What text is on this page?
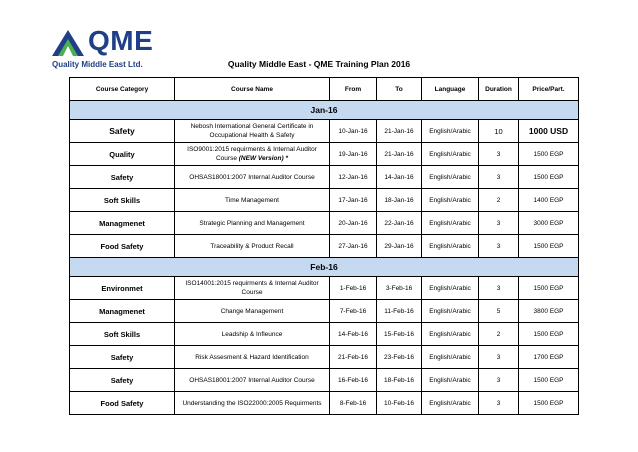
QME
Quality Middle East Ltd.	Quality Middle East - QME Training Plan 2016
Course Category	Course Name	From	To	Language	Duration	Price/Part.
Jan-16						
Safety	Nebosh International General Certificate in Occupational Health & Safety	10-Jan-16	21-Jan-16	English/Arabic	10	1000 USD
Quality	ISO9001:2015 requirments & Internal Auditor Course (NEW Version) *	19-Jan-16	21-Jan-16	English/Arabic	3	1500 EGP
Safety	OHSAS18001:2007 Internal Auditor Course	12-Jan-16	14-Jan-16	English/Arabic	3	1500 EGP
Soft Skills	Time Management	17-Jan-16	18-Jan-16	English/Arabic	2	1400 EGP
Managmenet	Strategic Planning and Management	20-Jan-16	22-Jan-16	English/Arabic	3	3000 EGP
Food Safety	Traceability & Product Recall	27-Jan-16	29-Jan-16	English/Arabic	3	1500 EGP
Feb-16						
Environmet	ISO14001:2015 requirments & Internal Auditor Course	1-Feb-16	3-Feb-16	English/Arabic	3	1500 EGP
Managmenet	Change Management	7-Feb-16	11-Feb-16	English/Arabic	5	3800 EGP
Soft Skills	Leadship & Infleunce	14-Feb-16	15-Feb-16	English/Arabic	2	1500 EGP
Safety	Risk Assesment & Hazard Identification	21-Feb-16	23-Feb-16	English/Arabic	3	1700 EGP
Safety	OHSAS18001:2007 Internal Auditor Course	16-Feb-16	18-Feb-16	English/Arabic	3	1500 EGP
Food Safety	Understanding the ISO22000:2005 Requirments	8-Feb-16	10-Feb-16	English/Arabic	3	1500 EGP
